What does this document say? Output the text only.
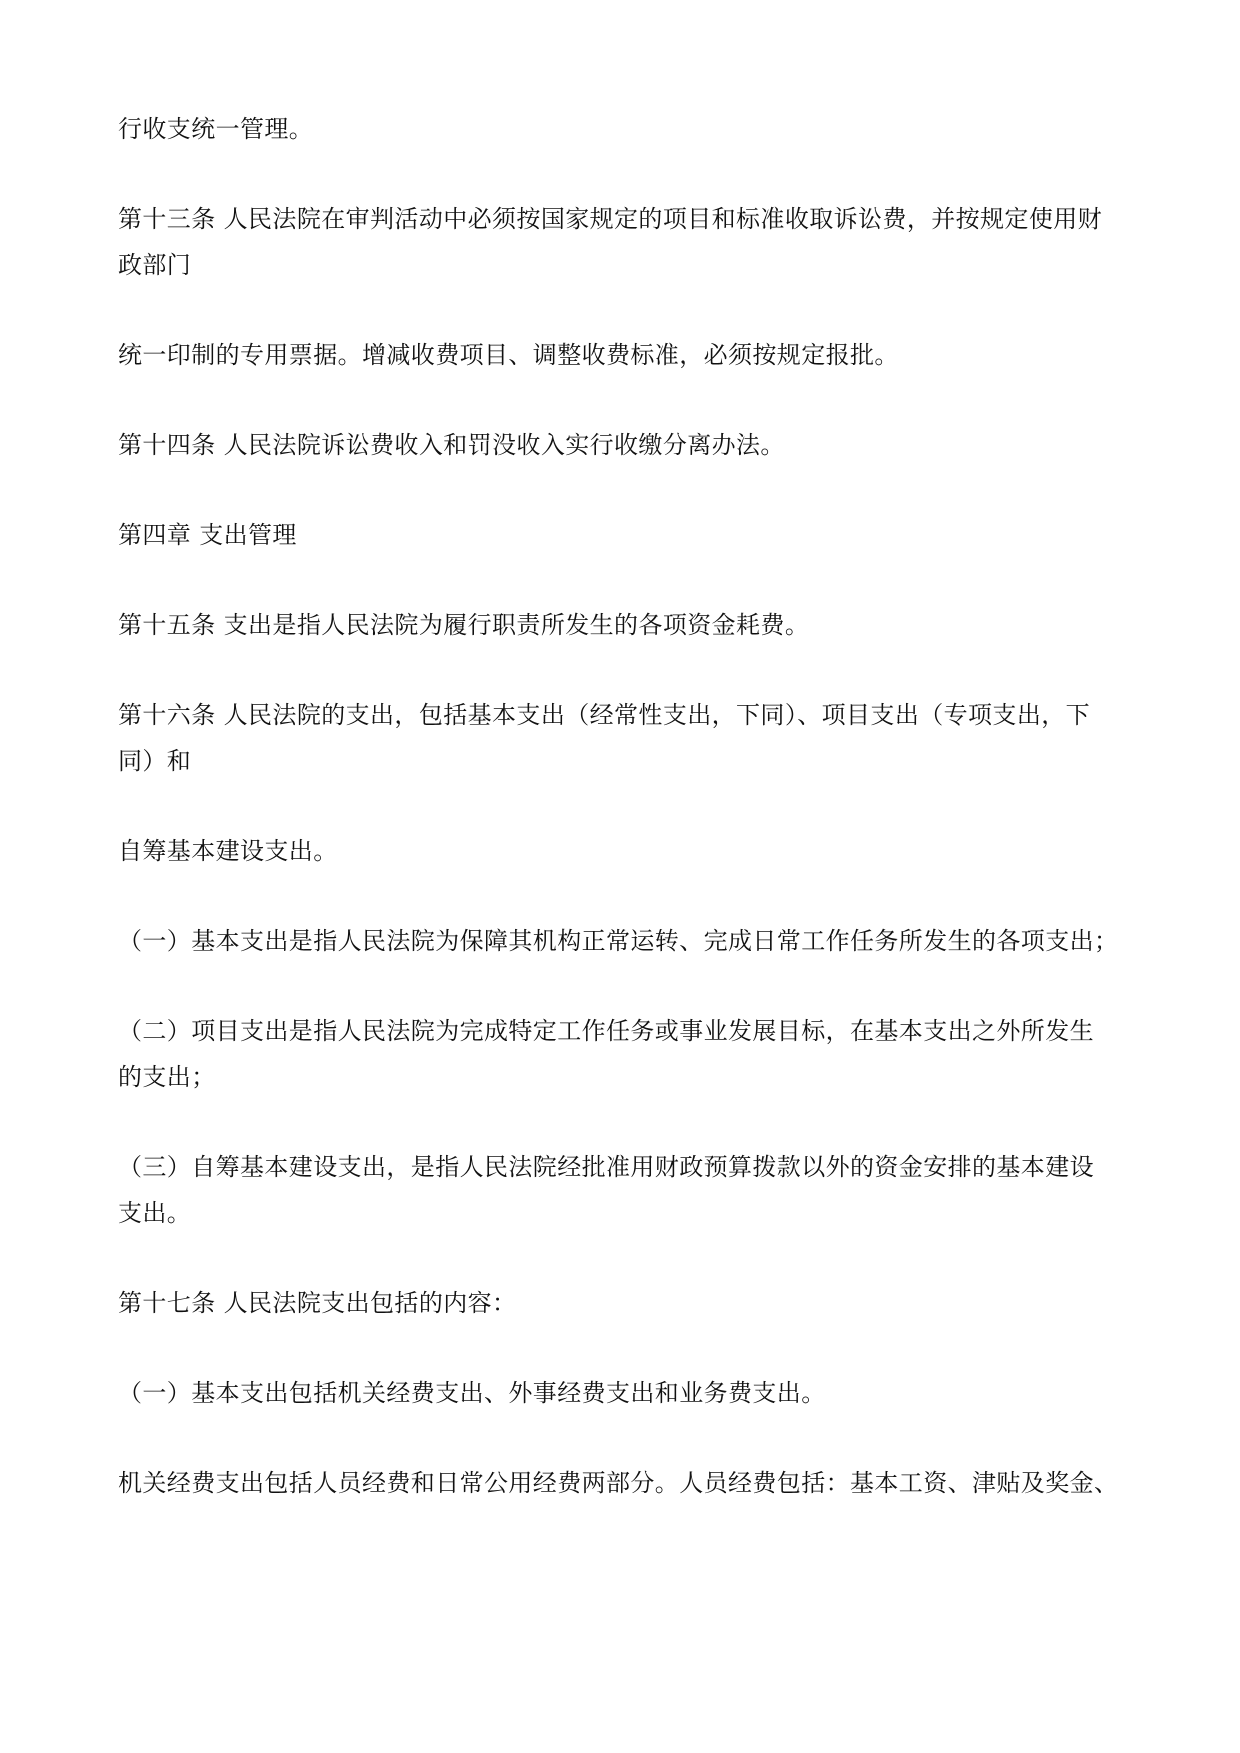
行收支统一管理。
第十三条 人民法院在审判活动中必须按国家规定的项目和标准收取诉讼费，并按规定使用财
政部门
统一印制的专用票据。增减收费项目、调整收费标准，必须按规定报批。
第十四条 人民法院诉讼费收入和罚没收入实行收缴分离办法。
第四章 支出管理
第十五条 支出是指人民法院为履行职责所发生的各项资金耗费。
第十六条 人民法院的支出，包括基本支出（经常性支出，下同）、项目支出（专项支出，下
同）和
自筹基本建设支出。
（一）基本支出是指人民法院为保障其机构正常运转、完成日常工作任务所发生的各项支出；
（二）项目支出是指人民法院为完成特定工作任务或事业发展目标，在基本支出之外所发生
的支出；
（三）自筹基本建设支出，是指人民法院经批准用财政预算拨款以外的资金安排的基本建设
支出。
第十七条 人民法院支出包括的内容：
（一）基本支出包括机关经费支出、外事经费支出和业务费支出。
机关经费支出包括人员经费和日常公用经费两部分。人员经费包括：基本工资、津贴及奖金、
